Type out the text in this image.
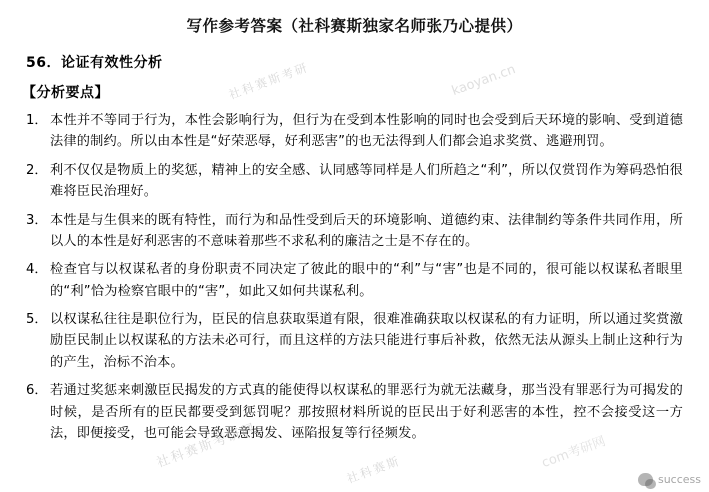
写作参考答案（社科赛斯独家名师张乃心提供）
56．论证有效性分析
【分析要点】
1． 本性并不等同于行为，本性会影响行为，但行为在受到本性影响的同时也会受到后天环境的影响、受到道德法律的制约。所以由本性是“好荣恶辱，好利恶害”的也无法得到人们都会追求奖赏、逃避刑罚。
2． 利不仅仅是物质上的奖惩，精神上的安全感、认同感等同样是人们所趋之“利”，所以仅赏罚作为筹码恐怕很难将臣民治理好。
3． 本性是与生俱来的既有特性，而行为和品性受到后天的环境影响、道德约束、法律制约等条件共同作用，所以人的本性是好利恶害的不意味着那些不求私利的廉洁之士是不存在的。
4． 检查官与以权谋私者的身份职责不同决定了彼此的眼中的“利”与“害”也是不同的，很可能以权谋私者眼里的“利”恰为检察官眼中的“害”，如此又如何共谋私利。
5． 以权谋私往往是职位行为，臣民的信息获取渠道有限，很难准确获取以权谋私的有力证明，所以通过奖赏激励臣民制止以权谋私的方法未必可行，而且这样的方法只能进行事后补救，依然无法从源头上制止这种行为的产生，治标不治本。
6． 若通过奖惩来刺激臣民揭发的方式真的能使得以权谋私的罪恶行为就无法藏身，那当没有罪恶行为可揭发的时候，是否所有的臣民都要受到惩罚呢？那按照材料所说的臣民出于好利恶害的本性，控不会接受这一方法，即便接受，也可能会导致恶意揭发、诬陷报复等行径频发。
社科赛斯考研	kaoyan.cn
社科赛斯考研网	社科赛斯	com考研网
success
